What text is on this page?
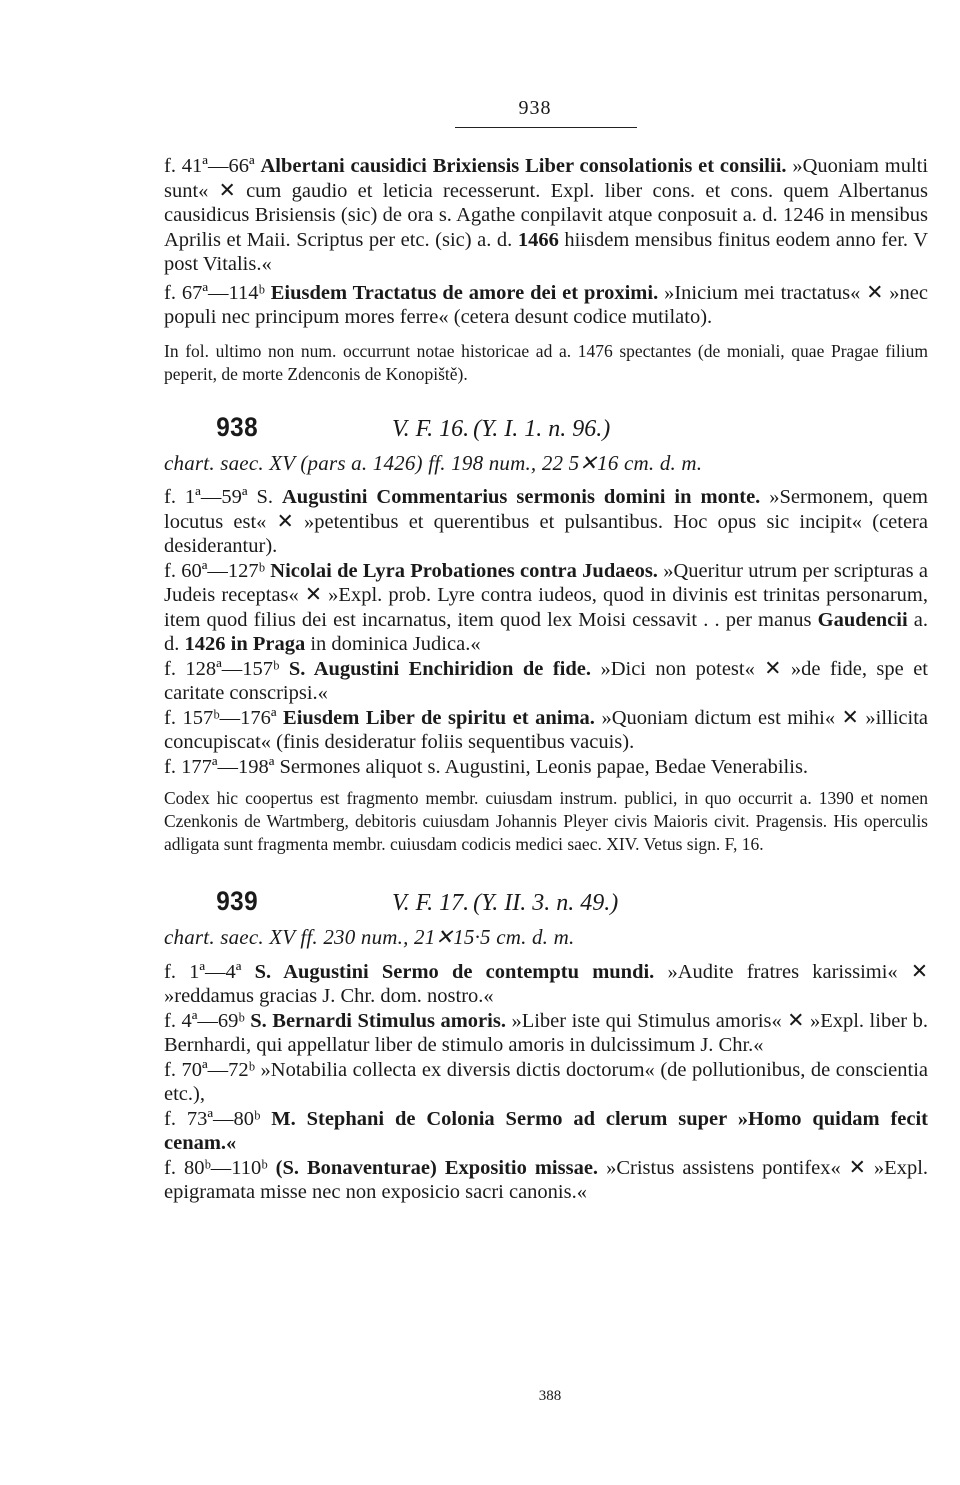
938

f. 41ª—66ª Albertani causidici Brixiensis Liber consolationis et consilii. »Quoniam multi sunt« ✕ cum gaudio et leticia recesserunt. Expl. liber cons. et cons. quem Albertanus causidicus Brisiensis (sic) de ora s. Agathe conpilavit atque conposuit a. d. 1246 in mensibus Aprilis et Maii. Scriptus per etc. (sic) a. d. 1466 hiisdem mensibus finitus eodem anno fer. V post Vitalis.«

f. 67ª—114ᵇ Eiusdem Tractatus de amore dei et proximi. »Inicium mei tractatus« ✕ »nec populi nec principum mores ferre« (cetera desunt codice mutilato).

In fol. ultimo non num. occurrunt notae historicae ad a. 1476 spectantes (de moniali, quae Pragae filium peperit, de morte Zdenconis de Konopiště).

938	V. F. 16.
(Y. I. 1. n. 96.)

chart. saec. XV (pars a. 1426) ff. 198 num., 22 5✕16 cm. d. m.

f. 1ª—59ª S. Augustini Commentarius sermonis domini in monte. »Sermonem, quem locutus est« ✕ »petentibus et querentibus et pulsantibus. Hoc opus sic incipit« (cetera desiderantur).

f. 60ª—127ᵇ Nicolai de Lyra Probationes contra Judaeos. »Queritur utrum per scripturas a Judeis receptas« ✕ »Expl. prob. Lyre contra iudeos, quod in divinis est trinitas personarum, item quod filius dei est incarnatus, item quod lex Moisi cessavit . . per manus Gaudencii a. d. 1426 in Praga in dominica Judica.«

f. 128ª—157ᵇ S. Augustini Enchiridion de fide. »Dici non potest« ✕ »de fide, spe et caritate conscripsi.«

f. 157ᵇ—176ª Eiusdem Liber de spiritu et anima. »Quoniam dictum est mihi« ✕ »illicita concupiscat« (finis desideratur foliis sequentibus vacuis).

f. 177ª—198ª Sermones aliquot s. Augustini, Leonis papae, Bedae Venerabilis.

Codex hic coopertus est fragmento membr. cuiusdam instrum. publici, in quo occurrit a. 1390 et nomen Czenkonis de Wartmberg, debitoris cuiusdam Johannis Pleyer civis Maioris civit. Pragensis. His operculis adligata sunt fragmenta membr. cuiusdam codicis medici saec. XIV. Vetus sign. F, 16.

939	V. F. 17.
(Y. II. 3. n. 49.)

chart. saec. XV ff. 230 num., 21✕15·5 cm. d. m.

f. 1ª—4ª S. Augustini Sermo de contemptu mundi. »Audite fratres karissimi« ✕ »reddamus gracias J. Chr. dom. nostro.«

f. 4ª—69ᵇ S. Bernardi Stimulus amoris. »Liber iste qui Stimulus amoris« ✕ »Expl. liber b. Bernhardi, qui appellatur liber de stimulo amoris in dulcissimum J. Chr.«

f. 70ª—72ᵇ »Notabilia collecta ex diversis dictis doctorum« (de pollutionibus, de conscientia etc.),

f. 73ª—80ᵇ M. Stephani de Colonia Sermo ad clerum super »Homo quidam fecit cenam.«

f. 80ᵇ—110ᵇ (S. Bonaventurae) Expositio missae. »Cristus assistens pontifex« ✕ »Expl. epigramata misse nec non exposicio sacri canonis.«

388
